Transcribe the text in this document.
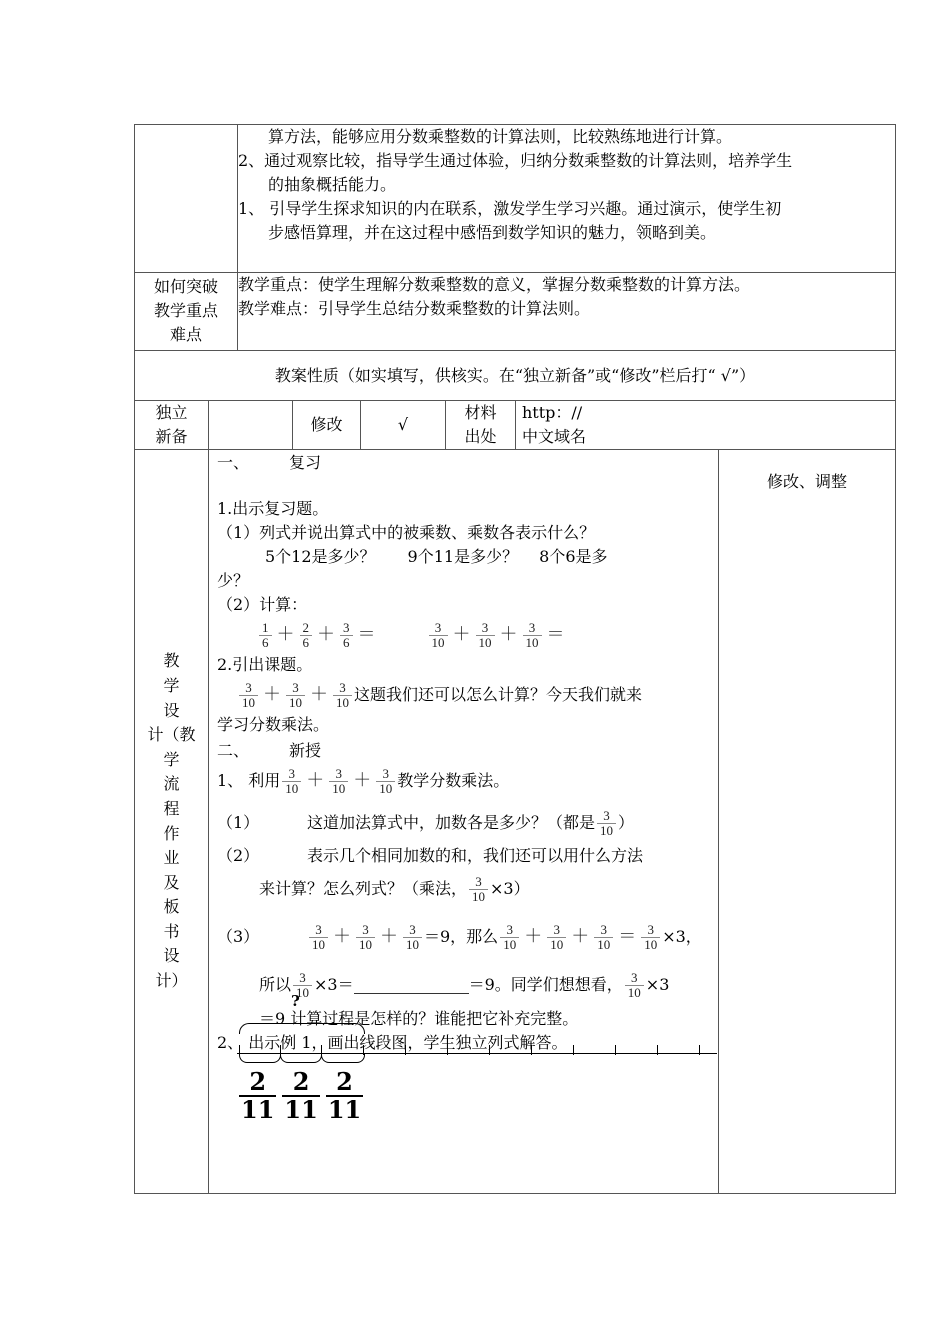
		算方法，能够应用分数乘整数的计算法则，比较熟练地进行计算。
2、通过观察比较，指导学生通过体验，归纳分数乘整数的计算法则，培养学生
的抽象概括能力。
1、 引导学生探求知识的内在联系，激发学生学习兴趣。通过演示，使学生初
步感悟算理，并在这过程中感悟到数学知识的魅力，领略到美。					

如何突破
教学重点
难点		教学重点：使学生理解分数乘整数的意义，掌握分数乘整数的计算方法。
教学难点：引导学生总结分数乘整数的计算法则。					

教案性质（如实填写，供核实。在“独立新备”或“修改”栏后打“ √”）							

独立
新备			修改	√	材料
出处	http：//
中文域名	

教
学
设
计（教
学
流
程
作
业
及
板
书
设
计）

一、	复习
1.出示复习题。
（1）列式并说出算式中的被乘数、乘数各表示什么？
5个12是多少？　　9个11是多少？　 8个6是多
少？
（2）计算：
$\frac{1}{6} + \frac{2}{6} + \frac{3}{6}$ ＝	$\frac{3}{10} + \frac{3}{10} + \frac{3}{10}$ ＝
2.引出课题。
$\frac{3}{10} + \frac{3}{10} + \frac{3}{10}$ 这题我们还可以怎么计算？今天我们就来
学习分数乘法。
二、	新授
1、 利用 $\frac{3}{10} + \frac{3}{10} + \frac{3}{10}$ 教学分数乘法。
（1）	这道加法算式中，加数各是多少？（都是 $\frac{3}{10}$ ）
（2）	表示几个相同加数的和，我们还可以用什么方法
来计算？怎么列式？（乘法， $\frac{3}{10} \times 3$）
（3）	$\frac{3}{10} + \frac{3}{10} + \frac{3}{10} =9$，那么 $\frac{3}{10} + \frac{3}{10} + \frac{3}{10} = \frac{3}{10} \times 3$，
所以 $\frac{3}{10} \times 3=$	＝9。同学们想想看， $\frac{3}{10} \times 3$
?
＝9 计算过程是怎样的？谁能把它补充完整。
2、 出示例 1，画出线段图，学生独立列式解答。
$\frac{2}{11} \frac{2}{11} \frac{2}{11}$
	修改、调整
